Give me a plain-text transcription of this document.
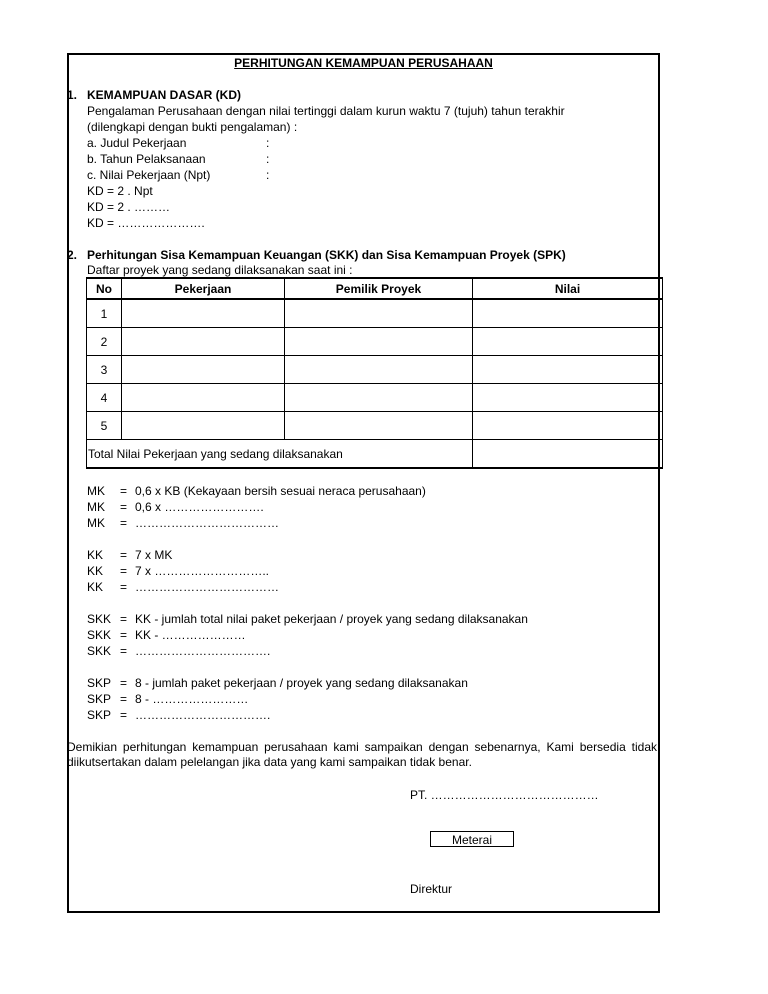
PERHITUNGAN KEMAMPUAN PERUSAHAAN
1. KEMAMPUAN DASAR (KD)
Pengalaman Perusahaan dengan nilai tertinggi dalam kurun waktu 7 (tujuh) tahun terakhir
(dilengkapi dengan bukti pengalaman) :
a. Judul Pekerjaan	:
b. Tahun Pelaksanaan	:
c. Nilai Pekerjaan (Npt)	:
KD = 2 . Npt
KD = 2 . ………
KD = ………………….
2. Perhitungan Sisa Kemampuan Keuangan (SKK) dan Sisa Kemampuan Proyek (SPK)
Daftar proyek yang sedang dilaksanakan saat ini :
No	Pekerjaan	Pemilik Proyek	Nilai
1			
2			
3			
4			
5			
Total Nilai Pekerjaan yang sedang dilaksanakan			
MK = 0,6 x KB (Kekayaan bersih sesuai neraca perusahaan)
MK = 0,6 x …………………….
MK = ………………………………
KK = 7 x MK
KK = 7 x ………………………..
KK = ………………………………
SKK = KK - jumlah total nilai paket pekerjaan / proyek yang sedang dilaksanakan
SKK = KK - …………………
SKK = …………………………….
SKP = 8 - jumlah paket pekerjaan / proyek yang sedang dilaksanakan
SKP = 8 - ……………………
SKP = …………………………….
Demikian perhitungan kemampuan perusahaan kami sampaikan dengan sebenarnya, Kami bersedia tidak diikutsertakan dalam pelelangan jika data yang kami sampaikan tidak benar.
PT. ……………………………………
Meterai
Direktur
